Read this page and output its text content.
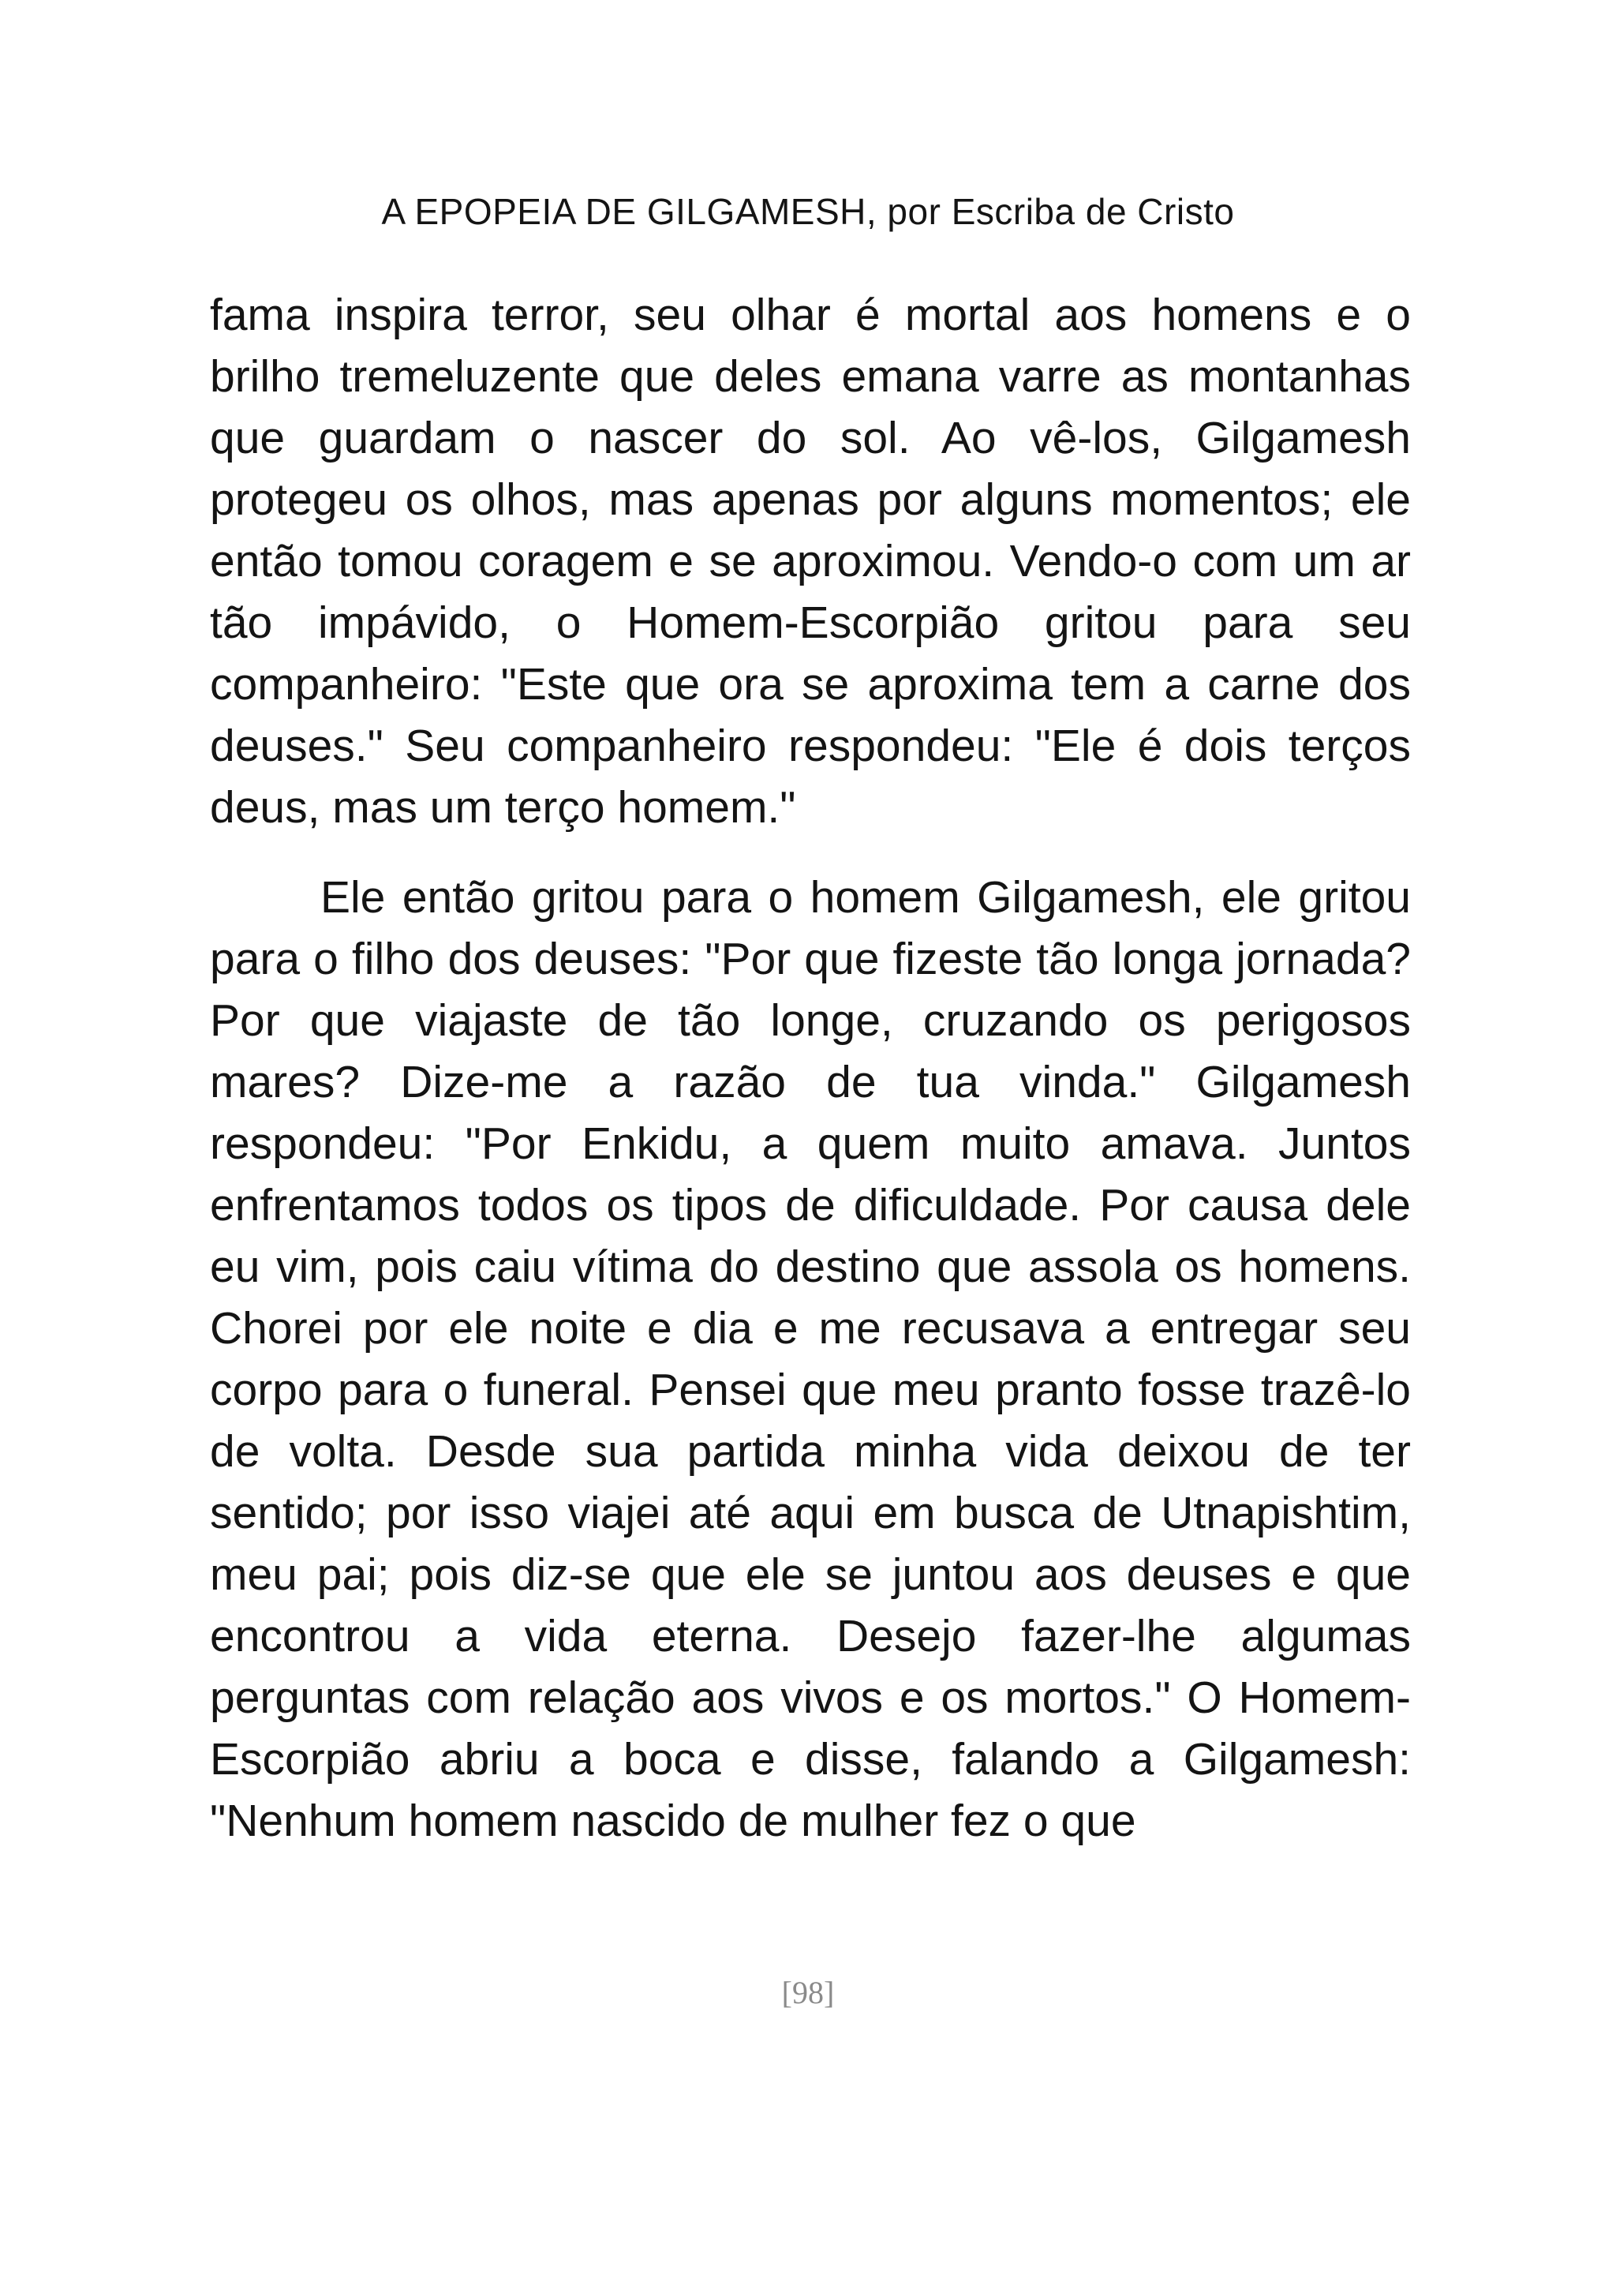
A EPOPEIA DE GILGAMESH, por Escriba de Cristo

fama inspira terror, seu olhar é mortal aos homens e o brilho tremeluzente que deles emana varre as montanhas que guardam o nascer do sol. Ao vê-los, Gilgamesh protegeu os olhos, mas apenas por alguns momentos; ele então tomou coragem e se aproximou. Vendo-o com um ar tão impávido, o Homem-Escorpião gritou para seu companheiro: "Este que ora se aproxima tem a carne dos deuses." Seu companheiro respondeu: "Ele é dois terços deus, mas um terço homem."

Ele então gritou para o homem Gilgamesh, ele gritou para o filho dos deuses: "Por que fizeste tão longa jornada? Por que viajaste de tão longe, cruzando os perigosos mares? Dize-me a razão de tua vinda." Gilgamesh respondeu: "Por Enkidu, a quem muito amava. Juntos enfrentamos todos os tipos de dificuldade. Por causa dele eu vim, pois caiu vítima do destino que assola os homens. Chorei por ele noite e dia e me recusava a entregar seu corpo para o funeral. Pensei que meu pranto fosse trazê-lo de volta. Desde sua partida minha vida deixou de ter sentido; por isso viajei até aqui em busca de Utnapishtim, meu pai; pois diz-se que ele se juntou aos deuses e que encontrou a vida eterna. Desejo fazer-lhe algumas perguntas com relação aos vivos e os mortos." O Homem-Escorpião abriu a boca e disse, falando a Gilgamesh: "Nenhum homem nascido de mulher fez o que

[98]
